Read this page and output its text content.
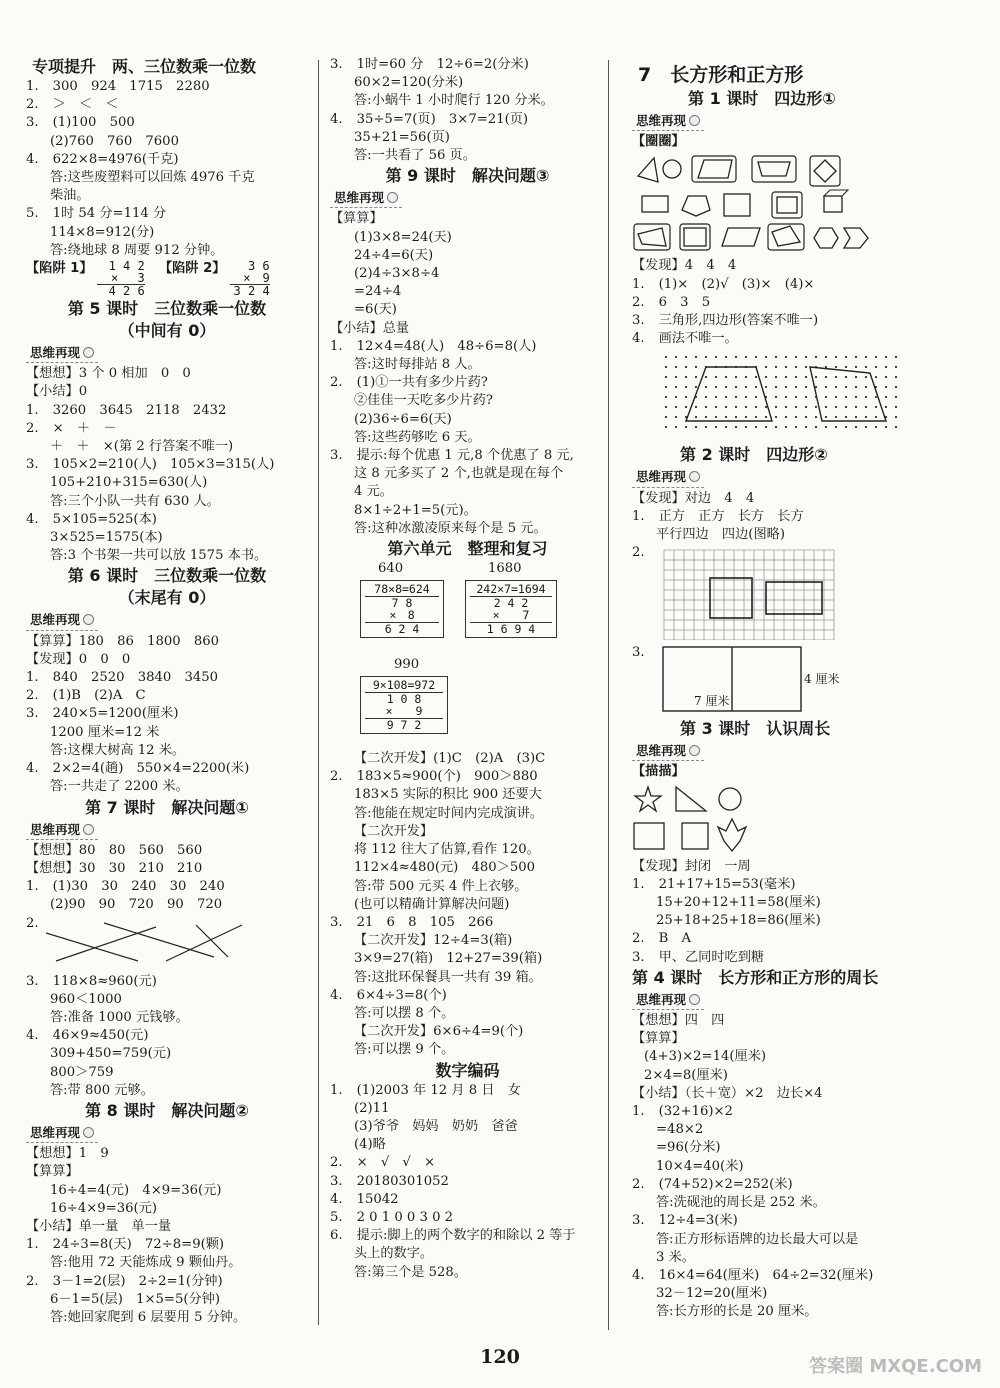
专项提升　两、三位数乘一位数
1. 300　924　1715　2280
2. ＞　＜　＜
3. (1)100　500
(2)760　760　7600
4. 622×8=4976(千克)
答:这些废塑料可以回炼 4976 千克
柴油。
5. 1时 54 分=114 分
114×8=912(分)
答:绕地球 8 周要 912 分钟。
【陷阱 1】	1 4 2
×　 3
4 2 6
【陷阱 2】	3 6
×　9
3 2 4
第 5 课时　三位数乘一位数
（中间有 0）
思维再现
【想想】3 个 0 相加　0　0
【小结】0
1. 3260　3645　2118　2432
2. ×　＋　－
＋　＋　×(第 2 行答案不唯一)
3. 105×2=210(人)　105×3=315(人)
105+210+315=630(人)
答:三个小队一共有 630 人。
4. 5×105=525(本)
3×525=1575(本)
答:3 个书架一共可以放 1575 本书。
第 6 课时　三位数乘一位数
（末尾有 0）
思维再现
【算算】180　86　1800　860
【发现】0　0　0
1. 840　2520　3840　3450
2. (1)B　(2)A　C
3. 240×5=1200(厘米)
1200 厘米=12 米
答:这棵大树高 12 米。
4. 2×2=4(趟)　550×4=2200(米)
答:一共走了 2200 米。
第 7 课时　解决问题①
思维再现
【想想】80　80　560　560
【想想】30　30　210　210
1. (1)30　30　240　30　240
(2)90　90　720　90　720
2.
3. 118×8≈960(元)
960＜1000
答:准备 1000 元钱够。
4. 46×9≈450(元)
309+450=759(元)
800＞759
答:带 800 元够。
第 8 课时　解决问题②
思维再现
【想想】1　9
【算算】
16÷4=4(元)　4×9=36(元)
16÷4×9=36(元)
【小结】单一量　单一量
1. 24÷3=8(天)　72÷8=9(颗)
答:他用 72 天能炼成 9 颗仙丹。
2. 3－1=2(层)　2÷2=1(分钟)
6－1=5(层)　1×5=5(分钟)
答:她回家爬到 6 层要用 5 分钟。
3. 1时=60 分　12÷6=2(分米)
60×2=120(分米)
答:小蜗牛 1 小时爬行 120 分米。
4. 35÷5=7(页)　3×7=21(页)
35+21=56(页)
答:一共看了 56 页。
第 9 课时　解决问题③
思维再现
【算算】
(1)3×8=24(天)
24÷4=6(天)
(2)4÷3×8÷4
=24÷4
=6(天)
【小结】总量
1. 12×4=48(人)　48÷6=8(人)
答:这时每排站 8 人。
2. (1)①一共有多少片药?
②佳佳一天吃多少片药?
(2)36÷6=6(天)
答:这些药够吃 6 天。
3. 提示:每个优惠 1 元,8 个优惠了 8 元,
这 8 元多买了 2 个,也就是现在每个
4 元。
8×1÷2+1=5(元)。
答:这种冰激凌原来每个是 5 元。
第六单元　整理和复习
640	1680
78×8=624
7 8
×　8
6 2 4
242×7=1694
2 4 2
×　　7
1 6 9 4
990
9×108=972
1 0 8
×　　9
9 7 2
【二次开发】(1)C　(2)A　(3)C
2. 183×5≈900(个)　900＞880
183×5 实际的积比 900 还要大
答:他能在规定时间内完成演讲。
【二次开发】
将 112 往大了估算,看作 120。
112×4≈480(元)　480＞500
答:带 500 元买 4 件上衣够。
(也可以精确计算解决问题)
3. 21　6　8　105　266
【二次开发】12÷4=3(箱)
3×9=27(箱)　12+27=39(箱)
答:这批环保餐具一共有 39 箱。
4. 6×4÷3=8(个)
答:可以摆 8 个。
【二次开发】6×6÷4=9(个)
答:可以摆 9 个。
数字编码
1. (1)2003 年 12 月 8 日　女
(2)11
(3)爷爷　妈妈　奶奶　爸爸
(4)略
2. ×　√　√　×
3. 20180301052
4. 15042
5. 2 0 1 0 0 3 0 2
6. 提示:脚上的两个数字的和除以 2 等于
头上的数字。
答:第三个是 528。
7　长方形和正方形
第 1 课时　四边形①
思维再现
【圈圈】
【发现】4　4　4
1. (1)×　(2)√　(3)×　(4)×
2. 6　3　5
3. 三角形,四边形(答案不唯一)
4. 画法不唯一。
第 2 课时　四边形②
思维再现
【发现】对边　4　4
1. 正方　正方　长方　长方
平行四边　四边(图略)
2.
3.
4 厘米
7 厘米
第 3 课时　认识周长
思维再现
【描描】
【发现】封闭　一周
1. 21+17+15=53(毫米)
15+20+12+11=58(厘米)
25+18+25+18=86(厘米)
2. B　A
3. 甲、乙同时吃到糖
第 4 课时　长方形和正方形的周长
思维再现
【想想】四　四
【算算】
(4+3)×2=14(厘米)
2×4=8(厘米)
【小结】（长＋宽）×2　边长×4
1. (32+16)×2
=48×2
=96(分米)
10×4=40(米)
2. (74+52)×2=252(米)
答:洗砚池的周长是 252 米。
3. 12÷4=3(米)
答:正方形标语牌的边长最大可以是
3 米。
4. 16×4=64(厘米)　64÷2=32(厘米)
32－12=20(厘米)
答:长方形的长是 20 厘米。
120	答案圈 MXQE.COM
